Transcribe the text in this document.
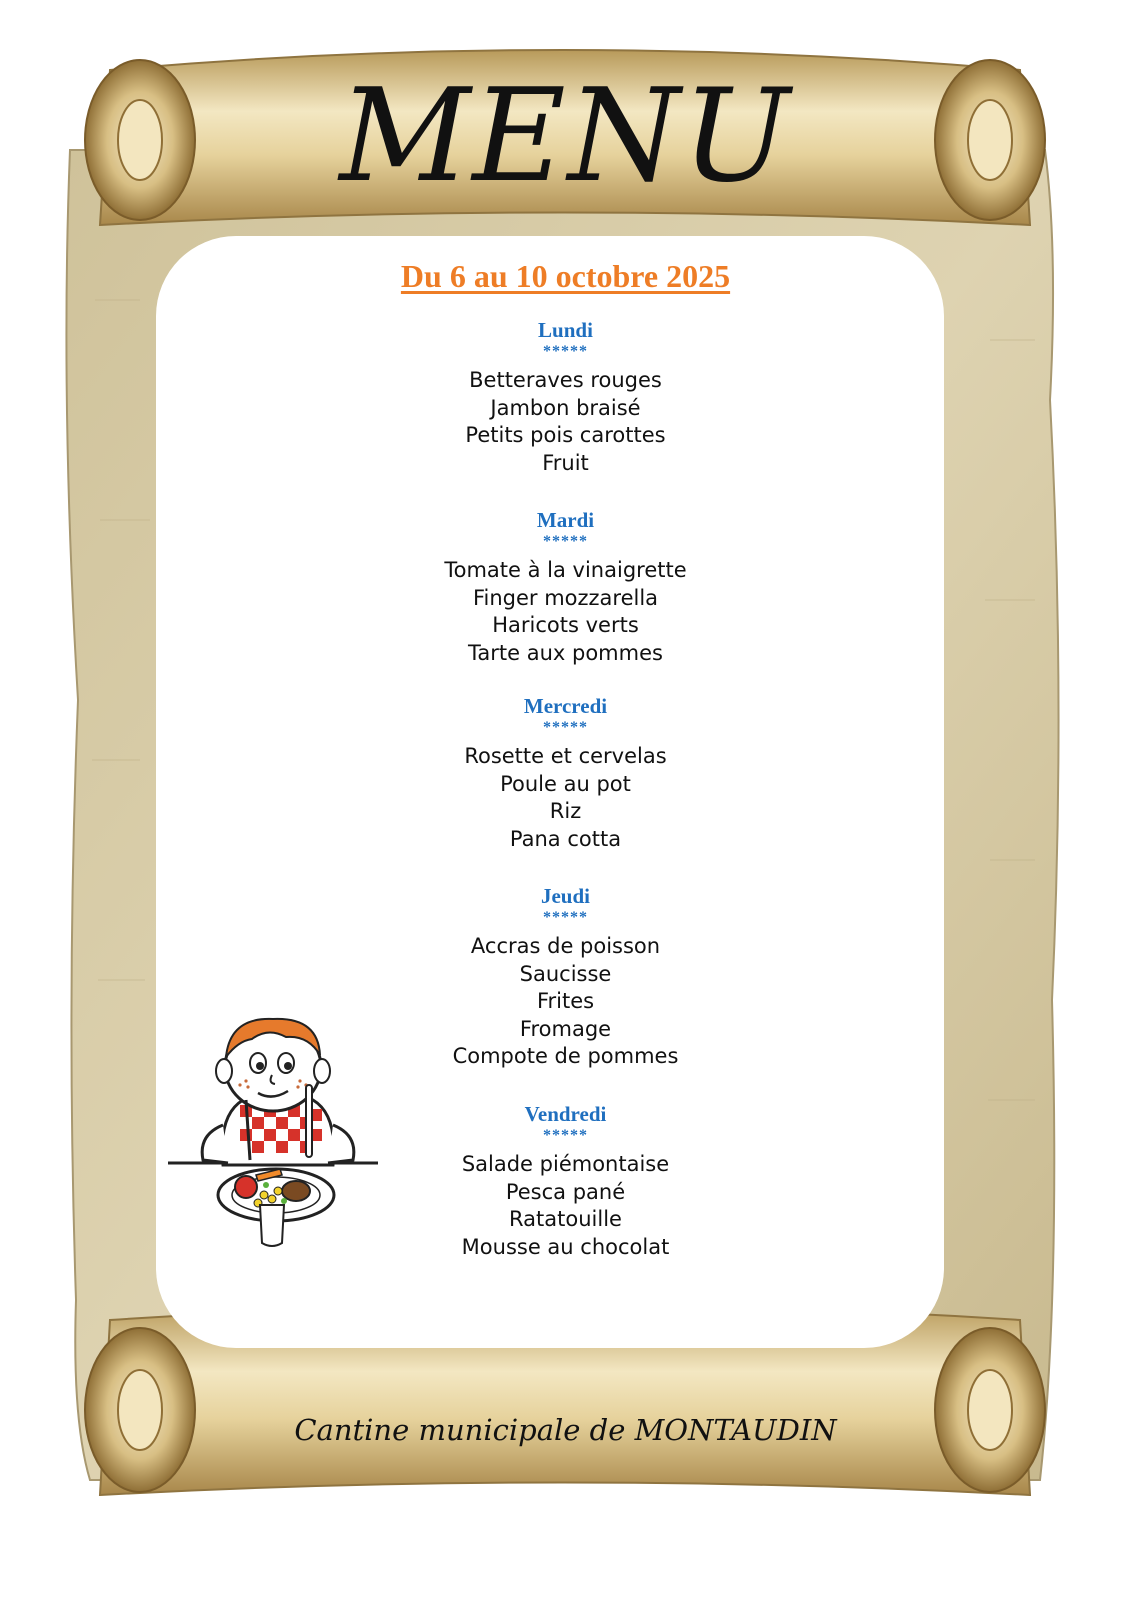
MENU
Du 6 au 10 octobre 2025
Lundi
*****
Betteraves rouges
Jambon braisé
Petits pois carottes
Fruit
Mardi
*****
Tomate à la vinaigrette
Finger mozzarella
Haricots verts
Tarte aux pommes
Mercredi
*****
Rosette et cervelas
Poule au pot
Riz
Pana cotta
Jeudi
*****
Accras de poisson
Saucisse
Frites
Fromage
Compote de pommes
Vendredi
*****
Salade piémontaise
Pesca pané
Ratatouille
Mousse au chocolat
Cantine municipale de MONTAUDIN
